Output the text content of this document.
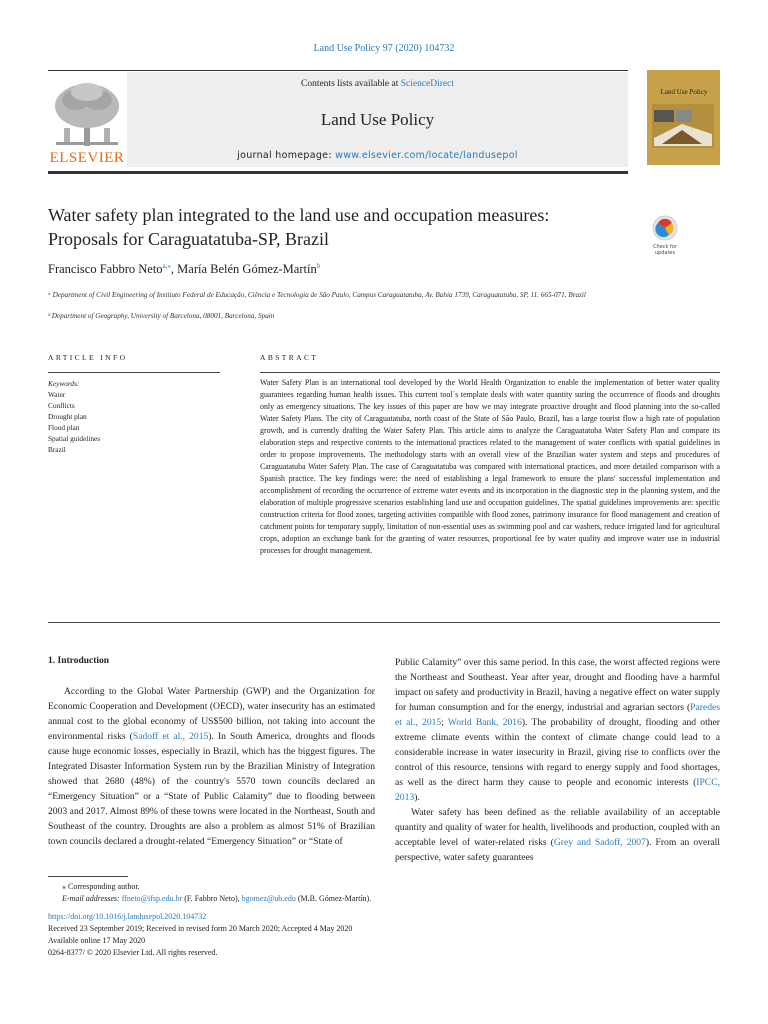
Land Use Policy 97 (2020) 104732
ELSEVIER
Contents lists available at ScienceDirect
Land Use Policy
journal homepage: www.elsevier.com/locate/landusepol
Land Use Policy
Water safety plan integrated to the land use and occupation measures:
Proposals for Caraguatatuba-SP, Brazil	Check for
updates
Francisco Fabbro Neto$^{a,⁎}$, María Belén Gómez-Martín$^b$
ᵃ Department of Civil Engineering of Instituto Federal de Educação, Ciência e Tecnologia de São Paulo, Campus Caraguatatuba, Av. Bahia 1739, Caraguatatuba, SP, 11. 665-071, Brazil
ᵇ Department of Geography, University of Barcelona, 08001, Barcelona, Spain
ARTICLE INFO	ABSTRACT
Keywords:
Water
Conflicts
Drought plan
Flood plan
Spatial guidelines
Brazil
Water Safety Plan is an international tool developed by the World Health Organization to enable the implementation of better water quality guarantees regarding human health issues. This current tool´s template deals with water quantity suring the occurrence of floods and droughts only as emergency situations. The key issues of this paper are how we may integrate proactive drought and flood planning into the so-called Water Safety Plans. The city of Caraguatatuba, north coast of the State of São Paulo, Brazil, has a large tourist flow a high rate of population growth, and is currently drafting the Water Safety Plan. This article aims to analyze the Caraguatatuba Water Safety Plan and compare its elaboration steps and respective contents to the international practices related to the management of water conflicts with spatial guidelines in order to propose improvements. The methodology starts with an overall view of the Brazilian water system and steps and procedures of Caraguatatuba Water Safety Plan. The case of Caraguatatuba was compared with international practices, and more detailed comparison with a Spanish practice. The key findings were: the need of establishing a legal framework to ensure the plans' successful implementation and accomplishment of recording the occurrence of extreme water events and its incorporation in the diagnostic step in the planning system, and the elaboration of multiple progressive scenarios establishing land use and occupation guidelines. The spatial guidelines improvements are: specific construction criteria for flood zones, targeting activities compatible with flood zones, patrimony insurance for flood management and creation of catchment points for temporary supply, limitation of non-essential uses as swimming pool and car washers, reduce irrigated land for agricultural crops, adoption an exchange bank for the granting of water resources, proportional fee by water quality and improve water use in industrial processes for drought management.
1. Introduction

According to the Global Water Partnership (GWP) and the Organization for Economic Cooperation and Development (OECD), water insecurity has an estimated annual cost to the global economy of US$500 billion, not taking into account the environmental risks (Sadoff et al., 2015). In South America, droughts and floods cause huge economic losses, especially in Brazil, which has the biggest figures. The Integrated Disaster Information System run by the Brazilian Ministry of Integration showed that 2680 (48%) of the country's 5570 town councils declared an “Emergency Situation” or a “State of Public Calamity” due to flooding between 2003 and 2017. Almost 89% of these towns were located in the Northeast, South and Southeast of the country. Droughts are also a problem as almost 51% of Brazilian town councils declared a drought-related “Emergency Situation” or “State of

Public Calamity” over this same period. In this case, the worst affected regions were the Northeast and Southeast. Year after year, drought and flooding have a harmful impact on safety and productivity in Brazil, having a negative effect on water supply for human consumption and for the energy, industrial and agrarian sectors (Paredes et al., 2015; World Bank, 2016). The probability of drought, flooding and other extreme climate events within the context of climate change could lead to a considerable increase in water insecurity in Brazil, giving rise to conflicts over the control of this resource, tensions with regard to energy supply and food shortages, as well as the direct harm they cause to people and economic interests (IPCC, 2013).

Water safety has been defined as the reliable availability of an acceptable quantity and quality of water for health, livelihoods and production, coupled with an acceptable level of water-related risks (Grey and Sadoff, 2007). From an overall perspective, water safety guarantees

⁎ Corresponding author.
E-mail addresses: ffneto@ifsp.edu.br (F. Fabbro Neto), bgomez@ub.edu (M.B. Gómez-Martín).
https://doi.org/10.1016/j.landusepol.2020.104732
Received 23 September 2019; Received in revised form 20 March 2020; Accepted 4 May 2020
Available online 17 May 2020
0264-8377/ © 2020 Elsevier Ltd. All rights reserved.
